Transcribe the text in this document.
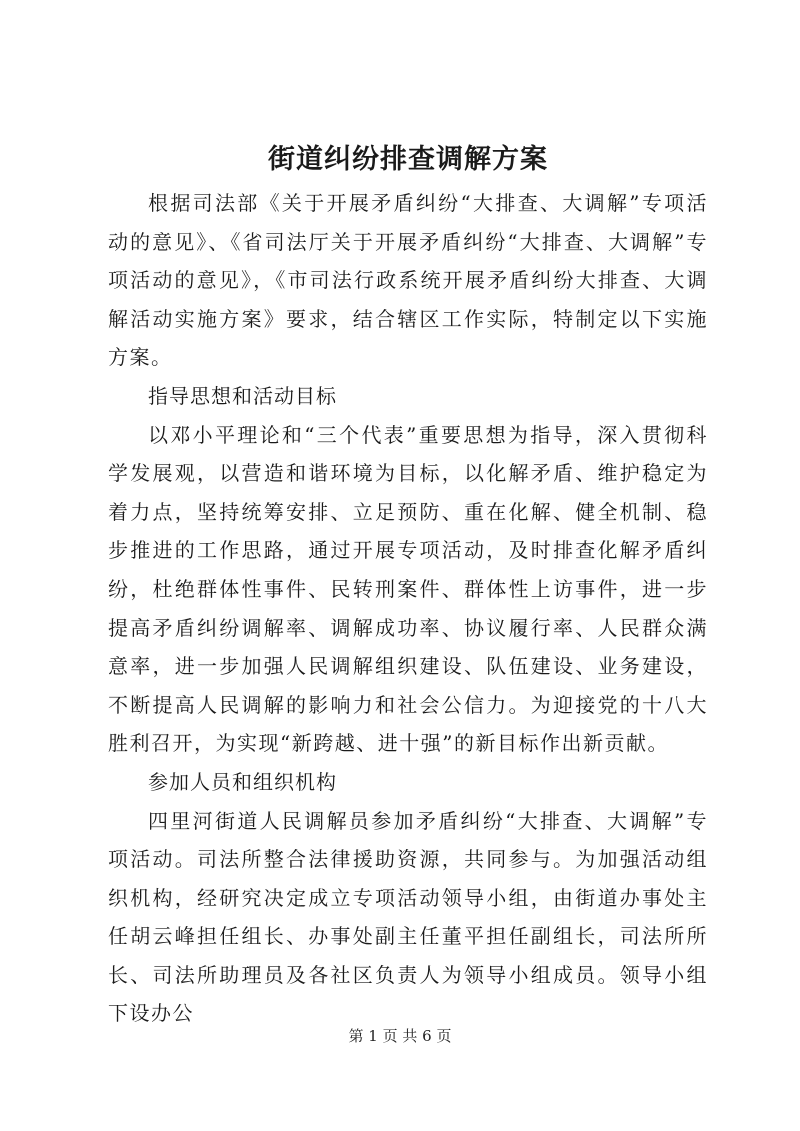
街道纠纷排查调解方案

根据司法部《关于开展矛盾纠纷“大排查、大调解”专项活动的意见》、《省司法厅关于开展矛盾纠纷“大排查、大调解”专项活动的意见》，《市司法行政系统开展矛盾纠纷大排查、大调解活动实施方案》要求，结合辖区工作实际，特制定以下实施方案。

指导思想和活动目标

以邓小平理论和“三个代表”重要思想为指导，深入贯彻科学发展观，以营造和谐环境为目标，以化解矛盾、维护稳定为着力点，坚持统筹安排、立足预防、重在化解、健全机制、稳步推进的工作思路，通过开展专项活动，及时排查化解矛盾纠纷，杜绝群体性事件、民转刑案件、群体性上访事件，进一步提高矛盾纠纷调解率、调解成功率、协议履行率、人民群众满意率，进一步加强人民调解组织建设、队伍建设、业务建设，不断提高人民调解的影响力和社会公信力。为迎接党的十八大胜利召开，为实现“新跨越、进十强”的新目标作出新贡献。

参加人员和组织机构

四里河街道人民调解员参加矛盾纠纷“大排查、大调解”专项活动。司法所整合法律援助资源，共同参与。为加强活动组织机构，经研究决定成立专项活动领导小组，由街道办事处主任胡云峰担任组长、办事处副主任董平担任副组长，司法所所长、司法所助理员及各社区负责人为领导小组成员。领导小组下设办公

第 1 页 共 6 页
